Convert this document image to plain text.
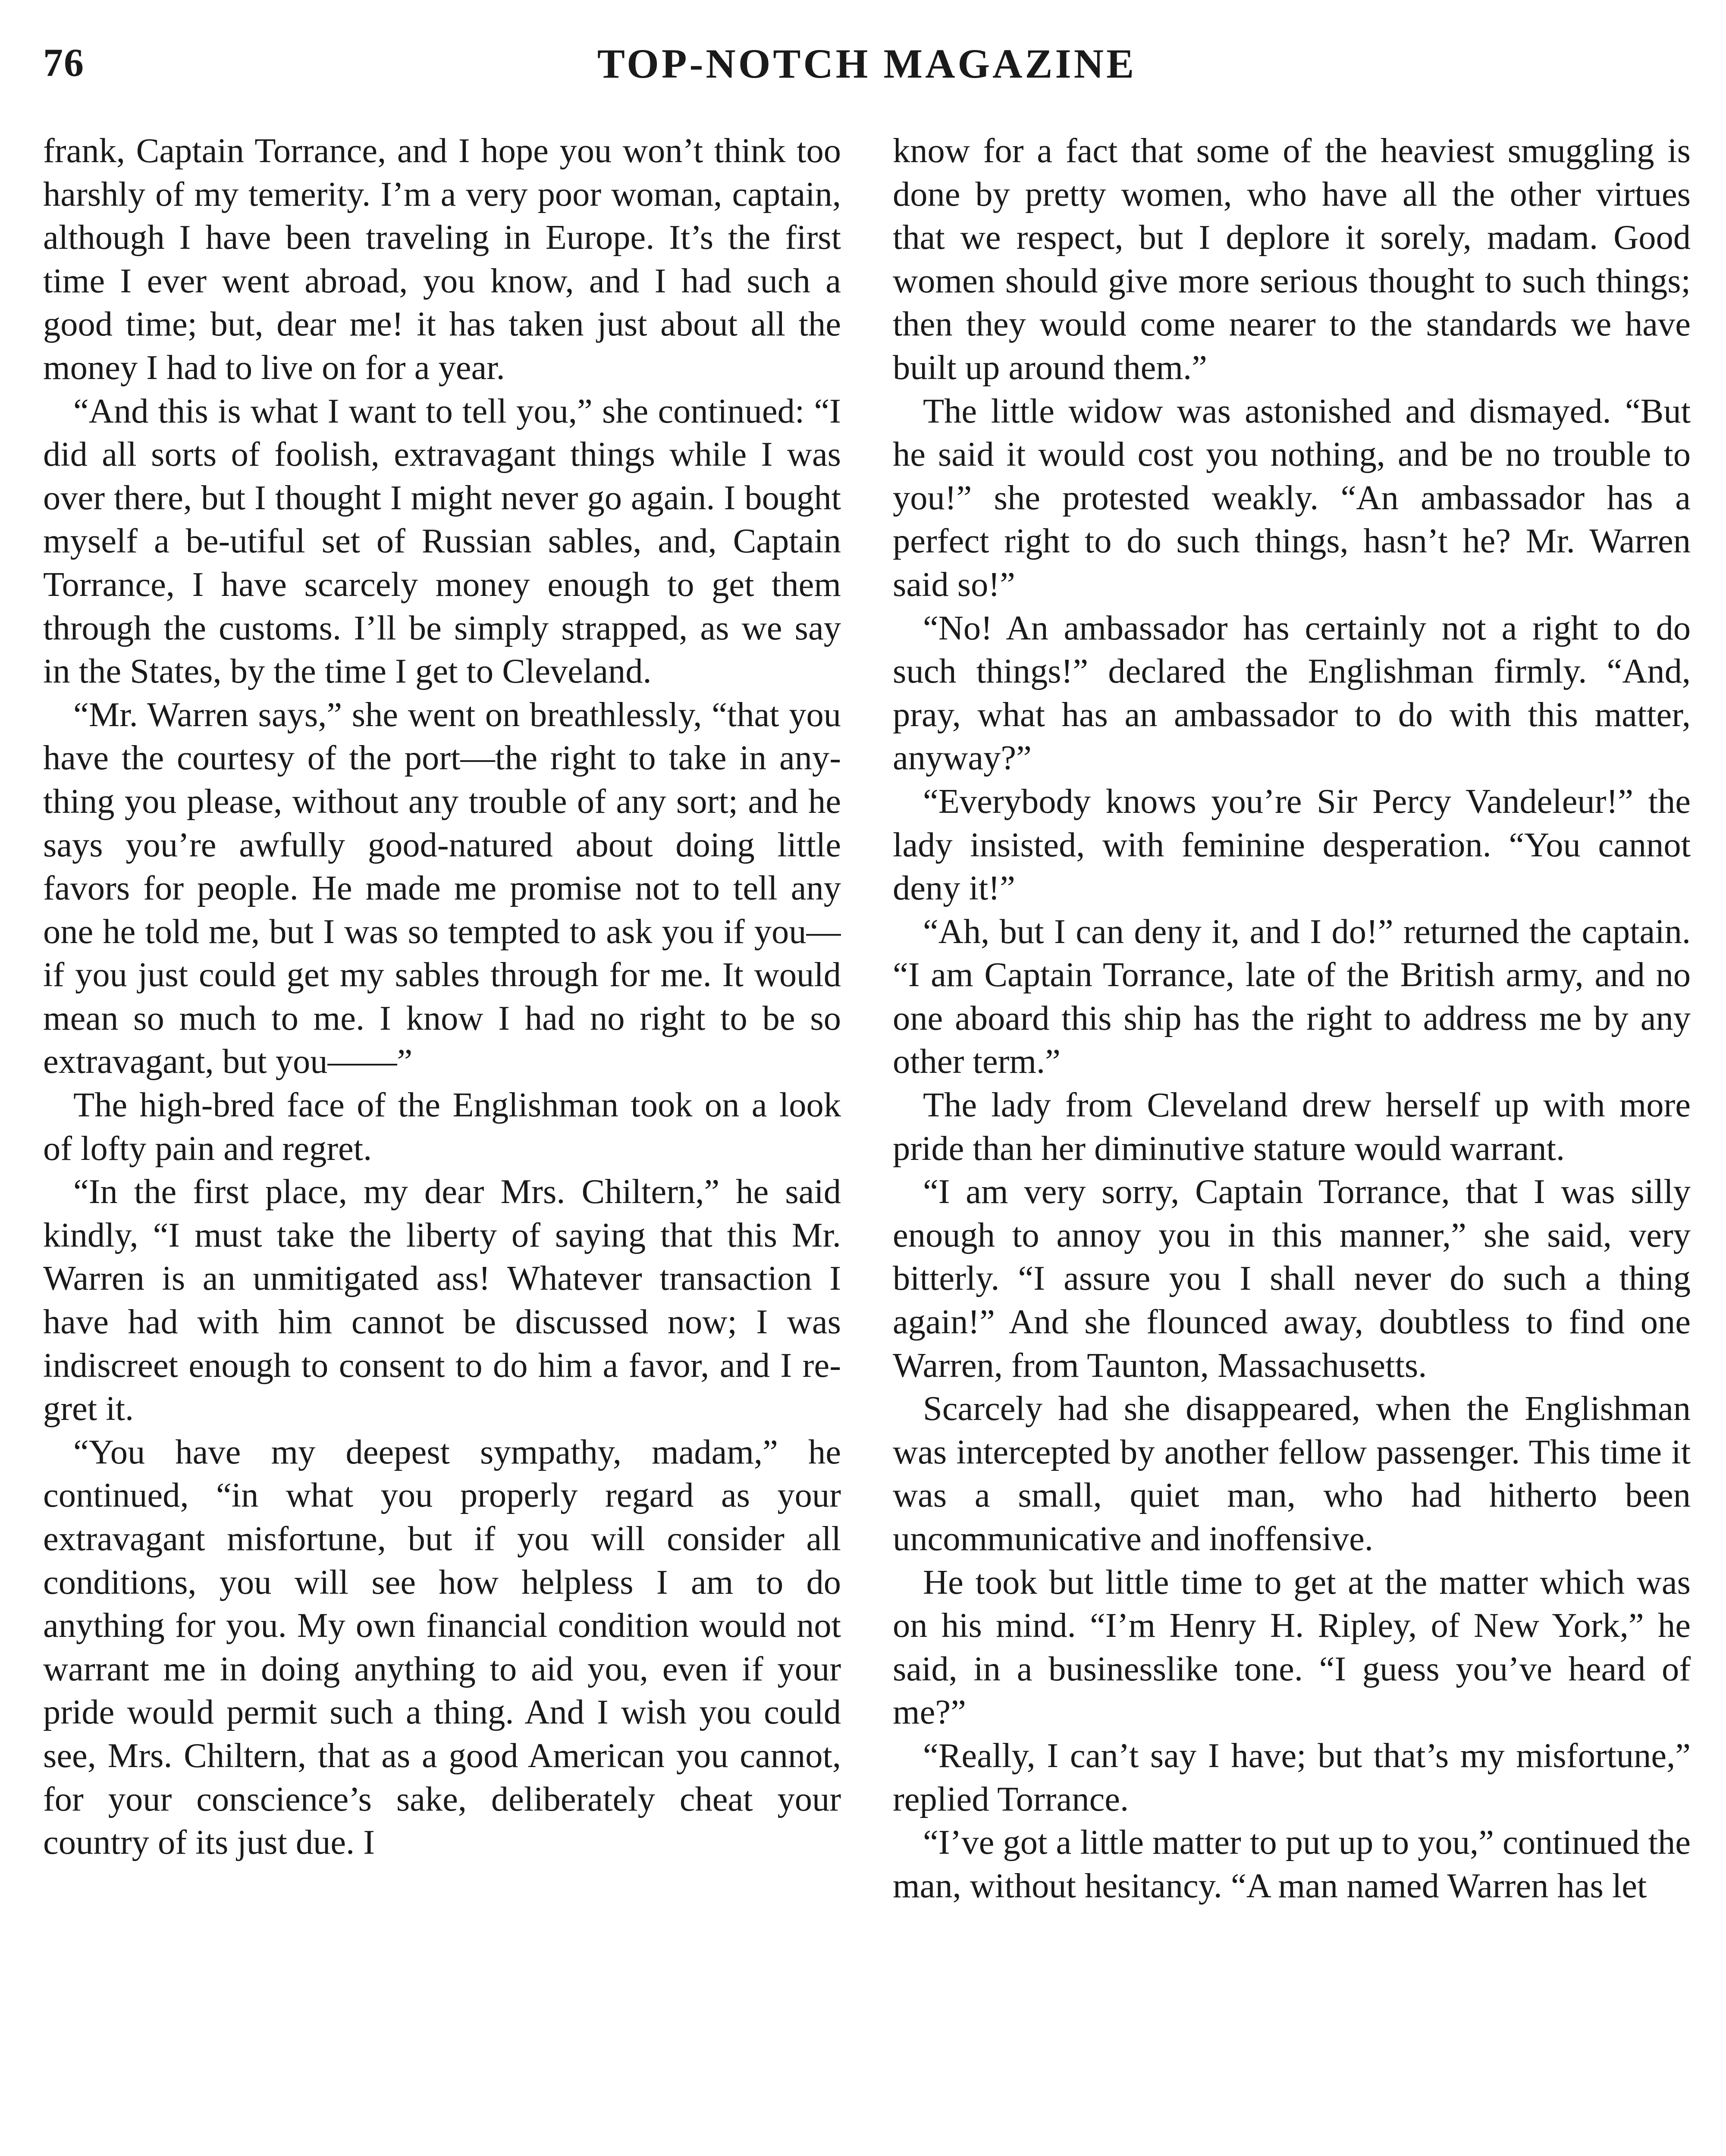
76	TOP-NOTCH MAGAZINE

frank, Captain Torrance, and I hope you won’t think too harshly of my temerity. I’m a very poor woman, captain, although I have been traveling in Europe. It’s the first time I ever went abroad, you know, and I had such a good time; but, dear me! it has taken just about all the money I had to live on for a year.

“And this is what I want to tell you,” she continued: “I did all sorts of foolish, extravagant things while I was over there, but I thought I might never go again. I bought myself a be-utiful set of Russian sables, and, Captain Torrance, I have scarcely money enough to get them through the customs. I’ll be simply strapped, as we say in the States, by the time I get to Cleveland.

“Mr. Warren says,” she went on breathlessly, “that you have the courtesy of the port—the right to take in anything you please, without any trouble of any sort; and he says you’re awfully good-natured about doing little favors for people. He made me promise not to tell any one he told me, but I was so tempted to ask you if you—if you just could get my sables through for me. It would mean so much to me. I know I had no right to be so extravagant, but you——”

The high-bred face of the Englishman took on a look of lofty pain and regret.

“In the first place, my dear Mrs. Chiltern,” he said kindly, “I must take the liberty of saying that this Mr. Warren is an unmitigated ass! Whatever transaction I have had with him cannot be discussed now; I was indiscreet enough to consent to do him a favor, and I regret it.

“You have my deepest sympathy, madam,” he continued, “in what you properly regard as your extravagant misfortune, but if you will consider all conditions, you will see how helpless I am to do anything for you. My own financial condition would not warrant me in doing anything to aid you, even if your pride would permit such a thing. And I wish you could see, Mrs. Chiltern, that as a good American you cannot, for your conscience’s sake, deliberately cheat your country of its just due. I

know for a fact that some of the heaviest smuggling is done by pretty women, who have all the other virtues that we respect, but I deplore it sorely, madam. Good women should give more serious thought to such things; then they would come nearer to the standards we have built up around them.”

The little widow was astonished and dismayed. “But he said it would cost you nothing, and be no trouble to you!” she protested weakly. “An ambassador has a perfect right to do such things, hasn’t he? Mr. Warren said so!”

“No! An ambassador has certainly not a right to do such things!” declared the Englishman firmly. “And, pray, what has an ambassador to do with this matter, anyway?”

“Everybody knows you’re Sir Percy Vandeleur!” the lady insisted, with feminine desperation. “You cannot deny it!”

“Ah, but I can deny it, and I do!” returned the captain. “I am Captain Torrance, late of the British army, and no one aboard this ship has the right to address me by any other term.”

The lady from Cleveland drew herself up with more pride than her diminutive stature would warrant.

“I am very sorry, Captain Torrance, that I was silly enough to annoy you in this manner,” she said, very bitterly. “I assure you I shall never do such a thing again!” And she flounced away, doubtless to find one Warren, from Taunton, Massachusetts.

Scarcely had she disappeared, when the Englishman was intercepted by another fellow passenger. This time it was a small, quiet man, who had hitherto been uncommunicative and inoffensive.

He took but little time to get at the matter which was on his mind. “I’m Henry H. Ripley, of New York,” he said, in a businesslike tone. “I guess you’ve heard of me?”

“Really, I can’t say I have; but that’s my misfortune,” replied Torrance.

“I’ve got a little matter to put up to you,” continued the man, without hesitancy. “A man named Warren has let
